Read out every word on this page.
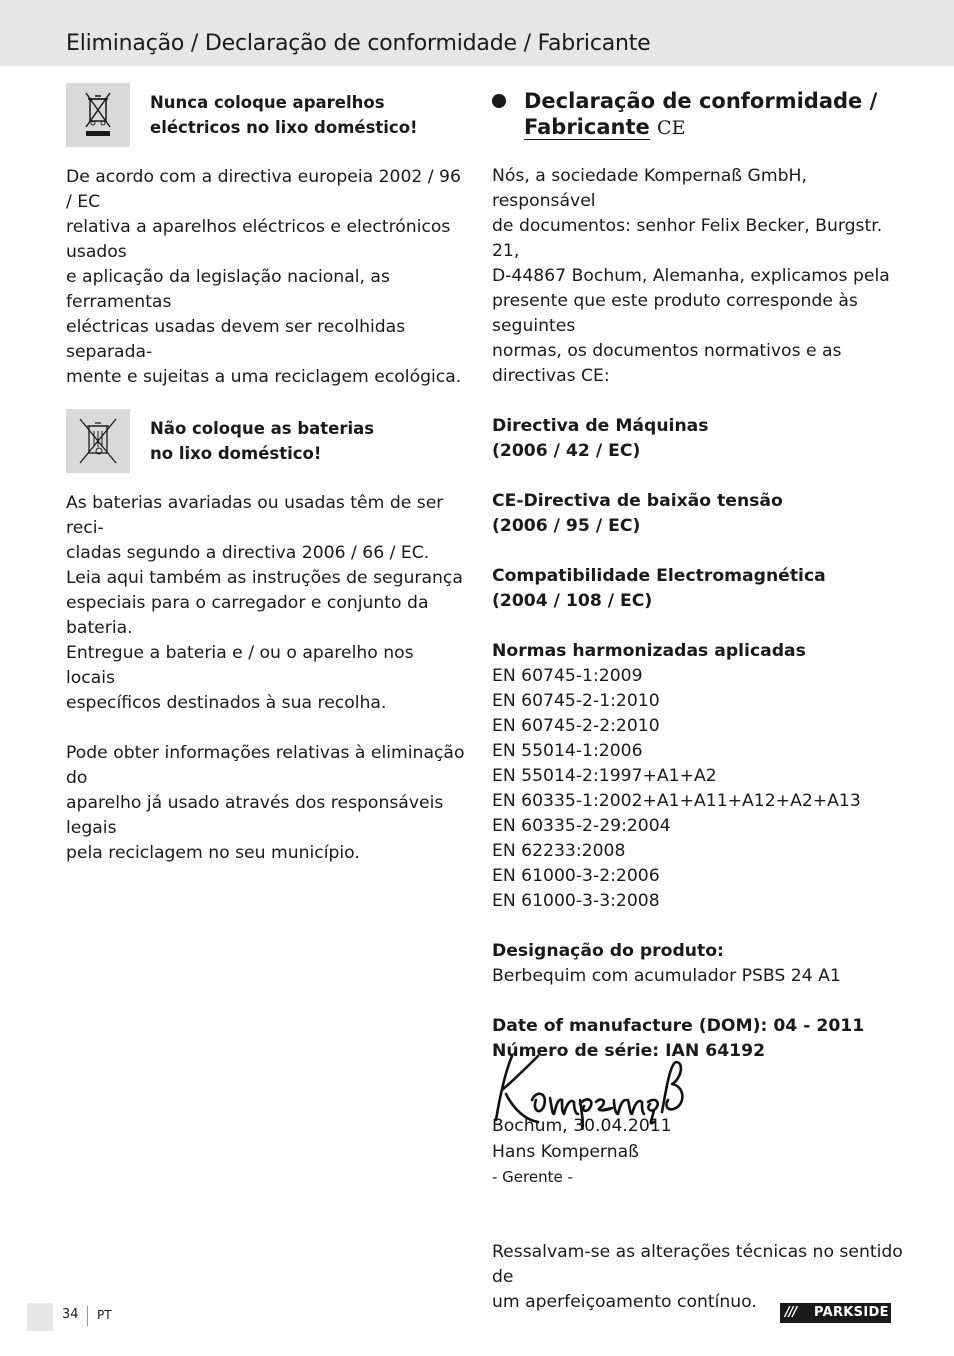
Eliminação / Declaração de conformidade / Fabricante
Nunca coloque aparelhos
eléctricos no lixo doméstico!
De acordo com a directiva europeia 2002 / 96 / EC
relativa a aparelhos eléctricos e electrónicos usados
e aplicação da legislação nacional, as ferramentas
eléctricas usadas devem ser recolhidas separada-
mente e sujeitas a uma reciclagem ecológica.
Não coloque as baterias
no lixo doméstico!
As baterias avariadas ou usadas têm de ser reci-
cladas segundo a directiva 2006 / 66 / EC.
Leia aqui também as instruções de segurança
especiais para o carregador e conjunto da bateria.
Entregue a bateria e / ou o aparelho nos locais
específicos destinados à sua recolha.
Pode obter informações relativas à eliminação do
aparelho já usado através dos responsáveis legais
pela reciclagem no seu município.
Declaração de conformidade /
Fabricante CE
Nós, a sociedade Kompernaß GmbH, responsável
de documentos: senhor Felix Becker, Burgstr. 21,
D-44867 Bochum, Alemanha, explicamos pela
presente que este produto corresponde às seguintes
normas, os documentos normativos e as directivas CE:
Directiva de Máquinas
(2006 / 42 / EC)
CE-Directiva de baixão tensão
(2006 / 95 / EC)
Compatibilidade Electromagnética
(2004 / 108 / EC)
Normas harmonizadas aplicadas
EN 60745-1:2009
EN 60745-2-1:2010
EN 60745-2-2:2010
EN 55014-1:2006
EN 55014-2:1997+A1+A2
EN 60335-1:2002+A1+A11+A12+A2+A13
EN 60335-2-29:2004
EN 62233:2008
EN 61000-3-2:2006
EN 61000-3-3:2008
Designação do produto:
Berbequim com acumulador PSBS 24 A1
Date of manufacture (DOM): 04 - 2011
Número de série: IAN 64192
Bochum, 30.04.2011
Hans Kompernaß
- Gerente -
Ressalvam-se as alterações técnicas no sentido de
um aperfeiçoamento contínuo.
34 PT	/// PARKSIDE
